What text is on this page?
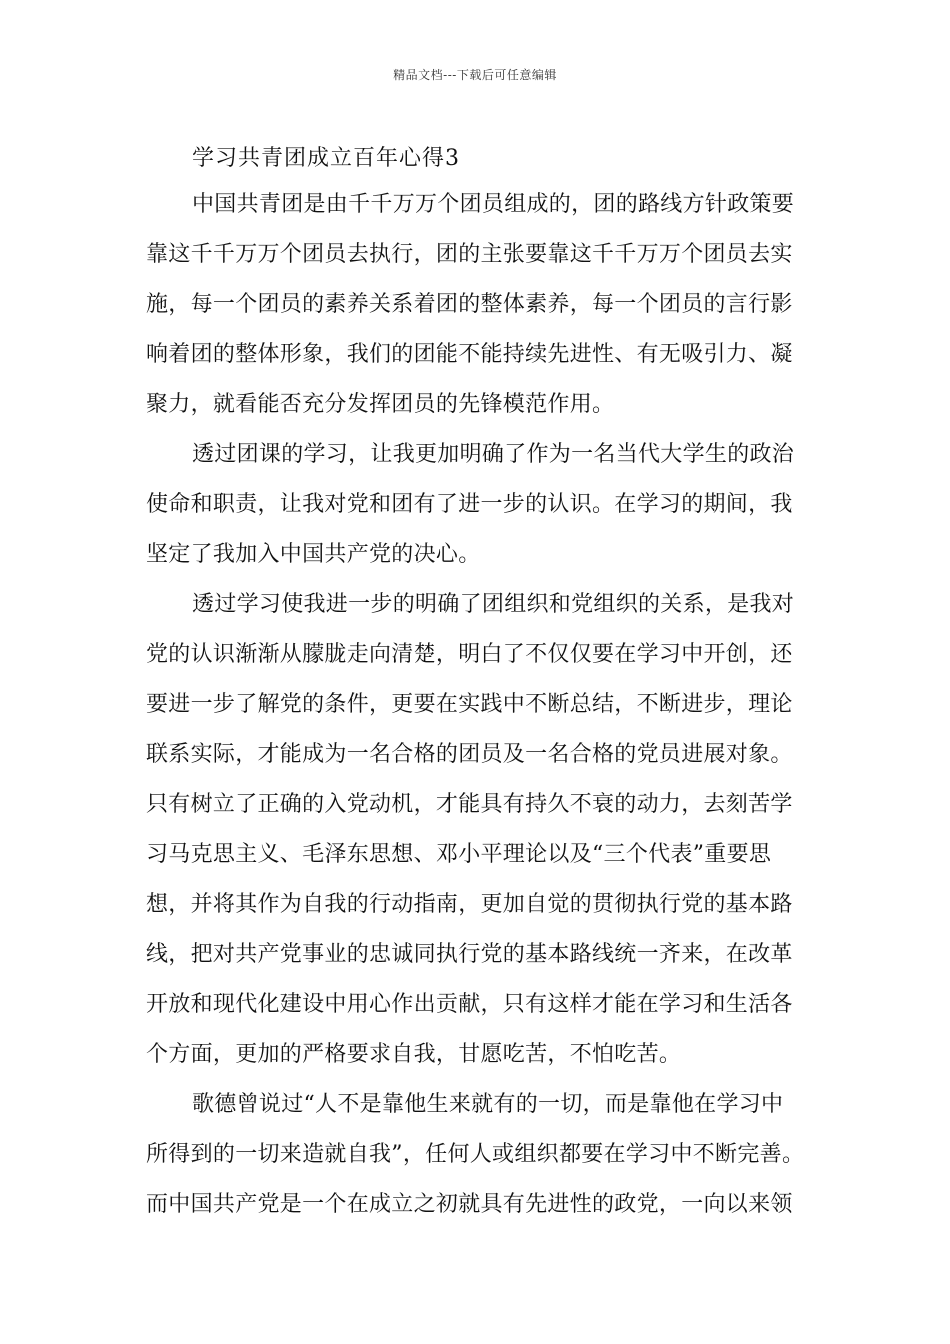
精品文档---下载后可任意编辑
学习共青团成立百年心得3
中国共青团是由千千万万个团员组成的，团的路线方针政策要
靠这千千万万个团员去执行，团的主张要靠这千千万万个团员去实
施，每一个团员的素养关系着团的整体素养，每一个团员的言行影
响着团的整体形象，我们的团能不能持续先进性、有无吸引力、凝
聚力，就看能否充分发挥团员的先锋模范作用。
透过团课的学习，让我更加明确了作为一名当代大学生的政治
使命和职责，让我对党和团有了进一步的认识。在学习的期间，我
坚定了我加入中国共产党的决心。
透过学习使我进一步的明确了团组织和党组织的关系，是我对
党的认识渐渐从朦胧走向清楚，明白了不仅仅要在学习中开创，还
要进一步了解党的条件，更要在实践中不断总结，不断进步，理论
联系实际，才能成为一名合格的团员及一名合格的党员进展对象。
只有树立了正确的入党动机，才能具有持久不衰的动力，去刻苦学
习马克思主义、毛泽东思想、邓小平理论以及“三个代表”重要思
想，并将其作为自我的行动指南，更加自觉的贯彻执行党的基本路
线，把对共产党事业的忠诚同执行党的基本路线统一齐来，在改革
开放和现代化建设中用心作出贡献，只有这样才能在学习和生活各
个方面，更加的严格要求自我，甘愿吃苦，不怕吃苦。
歌德曾说过“人不是靠他生来就有的一切，而是靠他在学习中
所得到的一切来造就自我”，任何人或组织都要在学习中不断完善。
而中国共产党是一个在成立之初就具有先进性的政党，一向以来领
